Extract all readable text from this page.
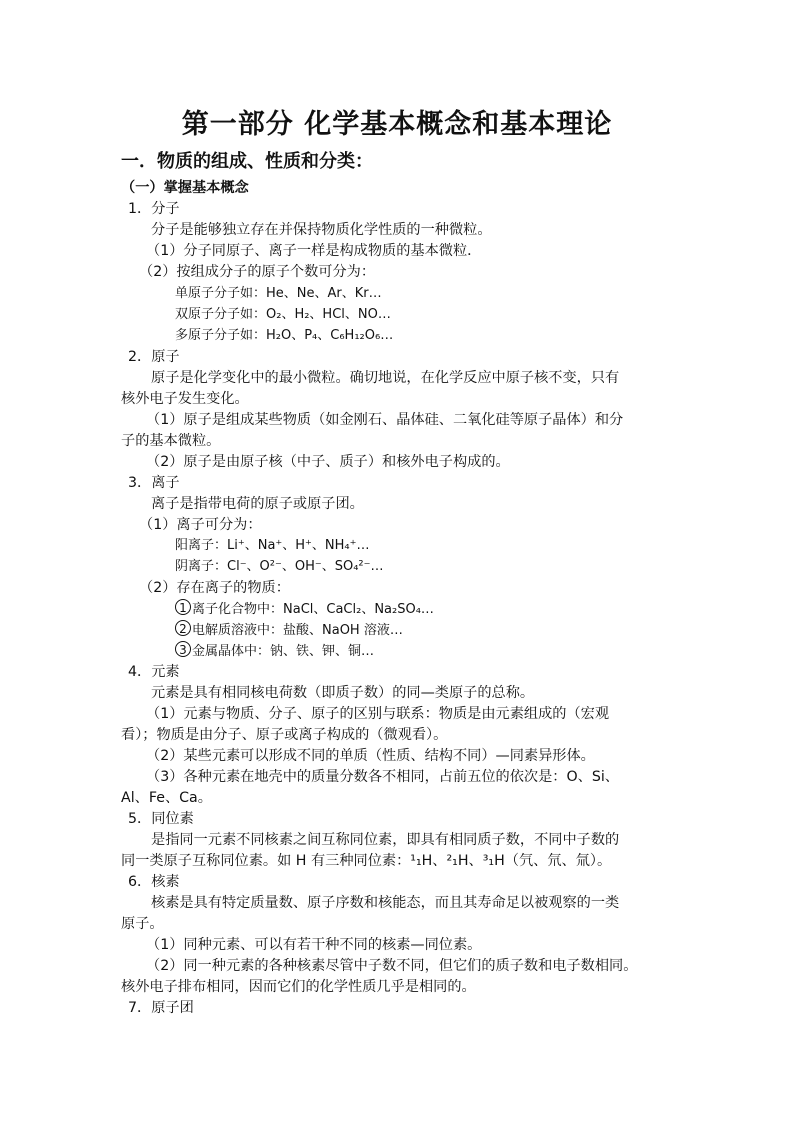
第一部分 化学基本概念和基本理论
一．物质的组成、性质和分类：
（一）掌握基本概念
1．分子
分子是能够独立存在并保持物质化学性质的一种微粒。
（1）分子同原子、离子一样是构成物质的基本微粒．
（2）按组成分子的原子个数可分为：
单原子分子如：He、Ne、Ar、Kr…
双原子分子如：O₂、H₂、HCl、NO…
多原子分子如：H₂O、P₄、C₆H₁₂O₆…
2．原子
原子是化学变化中的最小微粒。确切地说，在化学反应中原子核不变，只有
核外电子发生变化。
（1）原子是组成某些物质（如金刚石、晶体硅、二氧化硅等原子晶体）和分
子的基本微粒。
（2）原子是由原子核（中子、质子）和核外电子构成的。
3．离子
离子是指带电荷的原子或原子团。
（1）离子可分为：
阳离子：Li⁺、Na⁺、H⁺、NH₄⁺…
阴离子：Cl⁻、O²⁻、OH⁻、SO₄²⁻…
（2）存在离子的物质：
1 离子化合物中：NaCl、CaCl₂、Na₂SO₄…
2 电解质溶液中：盐酸、NaOH 溶液…
3 金属晶体中：钠、铁、钾、铜…
4．元素
元素是具有相同核电荷数（即质子数）的同—类原子的总称。
（1）元素与物质、分子、原子的区别与联系：物质是由元素组成的（宏观
看）；物质是由分子、原子或离子构成的（微观看）。
（2）某些元素可以形成不同的单质（性质、结构不同）—同素异形体。
（3）各种元素在地壳中的质量分数各不相同，占前五位的依次是：O、Si、
Al、Fe、Ca。
5．同位素
是指同一元素不同核素之间互称同位素，即具有相同质子数，不同中子数的
同一类原子互称同位素。如 H 有三种同位素：¹₁H、²₁H、³₁H（氕、氘、氚）。
6．核素
核素是具有特定质量数、原子序数和核能态，而且其寿命足以被观察的一类
原子。
（1）同种元素、可以有若干种不同的核素—同位素。
（2）同一种元素的各种核素尽管中子数不同，但它们的质子数和电子数相同。
核外电子排布相同，因而它们的化学性质几乎是相同的。
7．原子团
